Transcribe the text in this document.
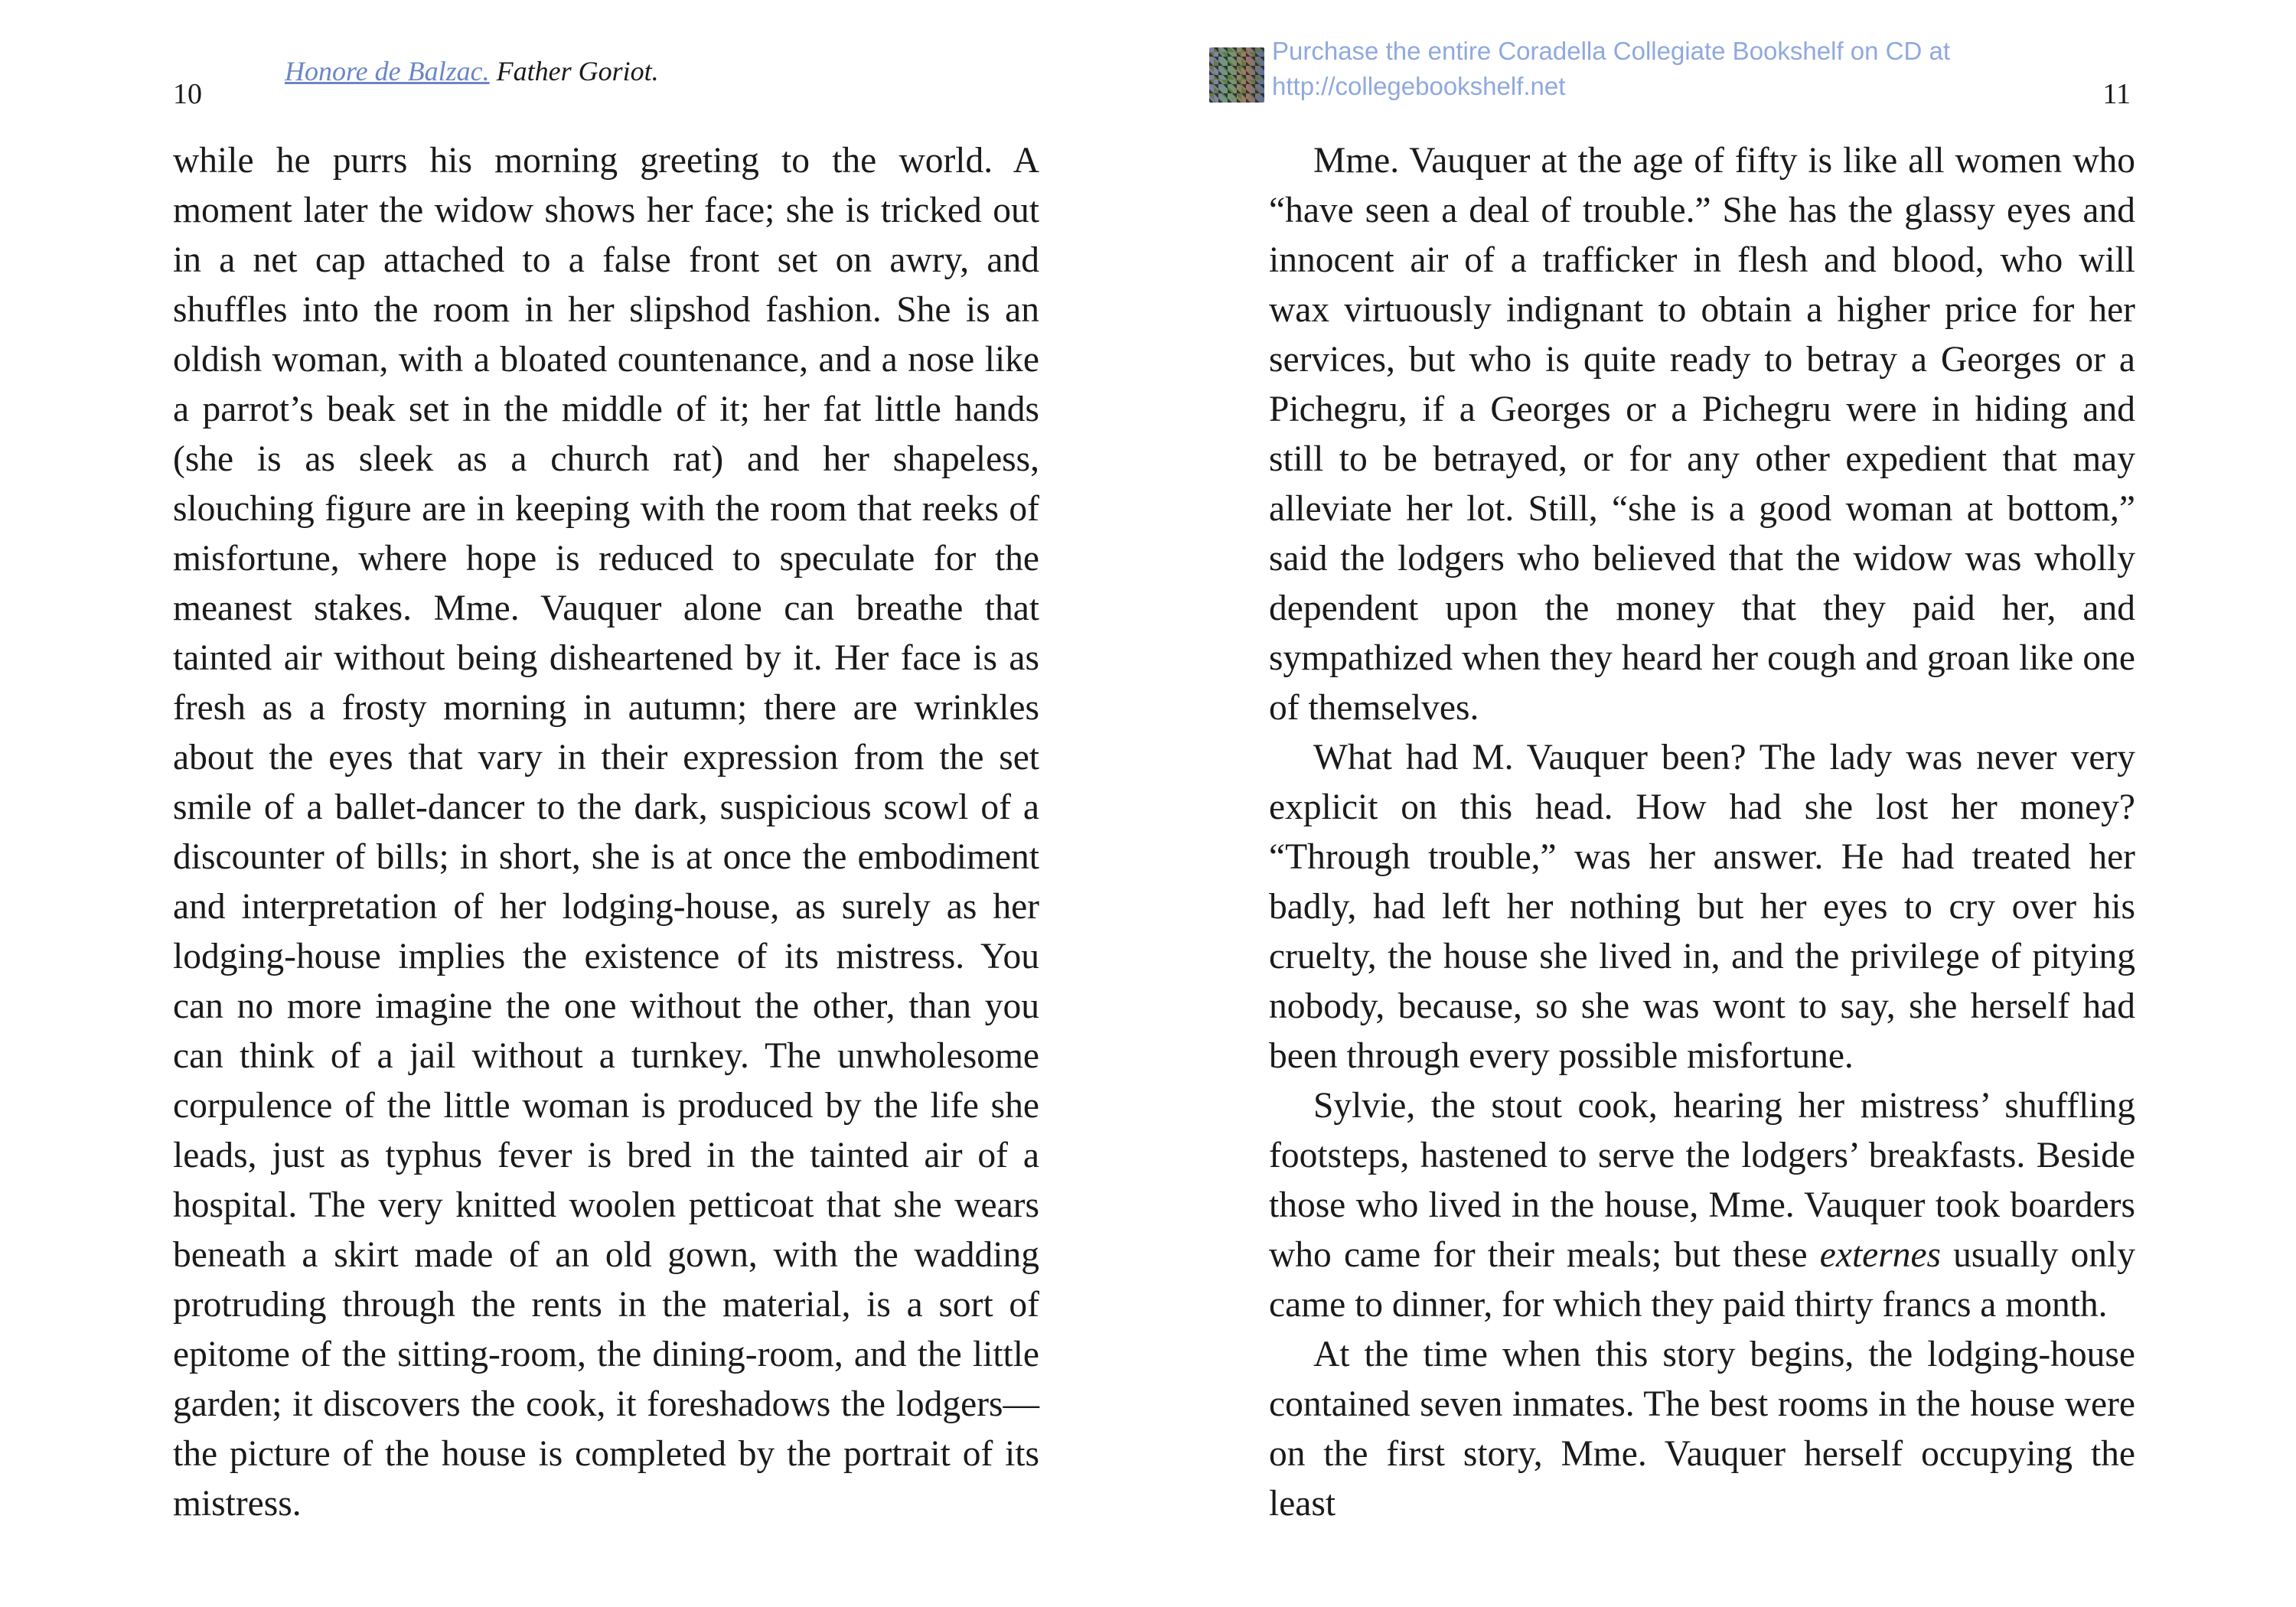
10
Honore de Balzac. Father Goriot.

while he purrs his morning greeting to the world. A moment later the widow shows her face; she is tricked out in a net cap attached to a false front set on awry, and shuffles into the room in her slipshod fashion. She is an oldish woman, with a bloated countenance, and a nose like a parrot’s beak set in the middle of it; her fat little hands (she is as sleek as a church rat) and her shapeless, slouching figure are in keeping with the room that reeks of misfortune, where hope is reduced to speculate for the meanest stakes. Mme. Vauquer alone can breathe that tainted air without being disheartened by it. Her face is as fresh as a frosty morning in autumn; there are wrinkles about the eyes that vary in their expression from the set smile of a ballet-dancer to the dark, suspicious scowl of a discounter of bills; in short, she is at once the embodiment and interpretation of her lodging-house, as surely as her lodging-house implies the existence of its mistress. You can no more imagine the one without the other, than you can think of a jail without a turnkey. The unwholesome corpulence of the little woman is produced by the life she leads, just as typhus fever is bred in the tainted air of a hospital. The very knitted woolen petticoat that she wears beneath a skirt made of an old gown, with the wadding protruding through the rents in the material, is a sort of epitome of the sitting-room, the dining-room, and the little garden; it discovers the cook, it foreshadows the lodgers—the picture of the house is completed by the portrait of its mistress.

Purchase the entire Coradella Collegiate Bookshelf on CD at
http://collegebookshelf.net	11

Mme. Vauquer at the age of fifty is like all women who “have seen a deal of trouble.” She has the glassy eyes and innocent air of a trafficker in flesh and blood, who will wax virtuously indignant to obtain a higher price for her services, but who is quite ready to betray a Georges or a Pichegru, if a Georges or a Pichegru were in hiding and still to be betrayed, or for any other expedient that may alleviate her lot. Still, “she is a good woman at bottom,” said the lodgers who believed that the widow was wholly dependent upon the money that they paid her, and sympathized when they heard her cough and groan like one of themselves.

What had M. Vauquer been? The lady was never very explicit on this head. How had she lost her money? “Through trouble,” was her answer. He had treated her badly, had left her nothing but her eyes to cry over his cruelty, the house she lived in, and the privilege of pitying nobody, because, so she was wont to say, she herself had been through every possible misfortune.

Sylvie, the stout cook, hearing her mistress’ shuffling footsteps, hastened to serve the lodgers’ breakfasts. Beside those who lived in the house, Mme. Vauquer took boarders who came for their meals; but these externes usually only came to dinner, for which they paid thirty francs a month.

At the time when this story begins, the lodging-house contained seven inmates. The best rooms in the house were on the first story, Mme. Vauquer herself occupying the least
